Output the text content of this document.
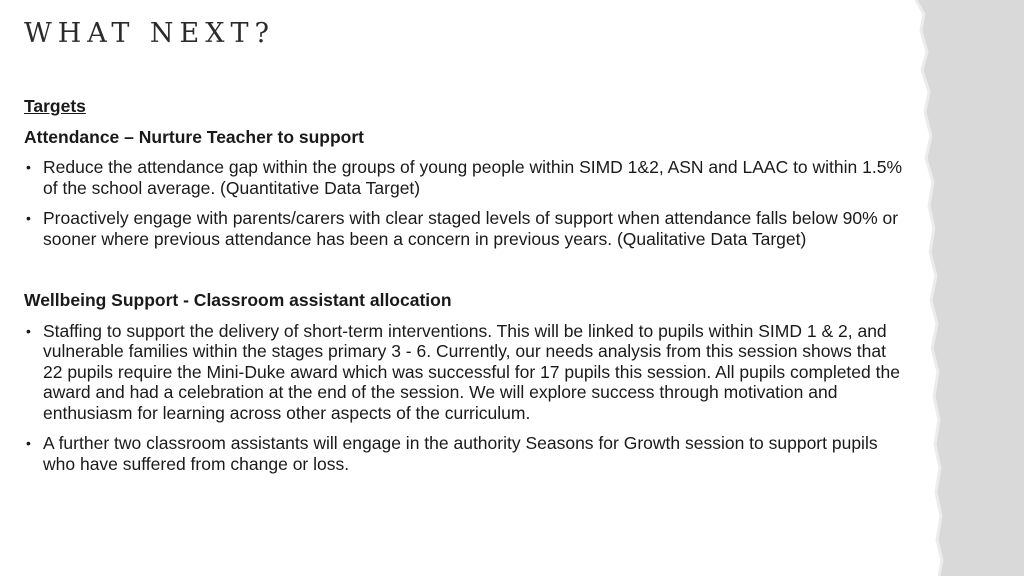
WHAT NEXT?
Targets
Attendance – Nurture Teacher to support
• Reduce the attendance gap within the groups of young people within SIMD 1&2, ASN and LAAC to within 1.5% of the school average. (Quantitative Data Target)
• Proactively engage with parents/carers with clear staged levels of support when attendance falls below 90% or sooner where previous attendance has been a concern in previous years. (Qualitative Data Target)
Wellbeing Support - Classroom assistant allocation
• Staffing to support the delivery of short-term interventions. This will be linked to pupils within SIMD 1 & 2, and vulnerable families within the stages primary 3 - 6. Currently, our needs analysis from this session shows that 22 pupils require the Mini-Duke award which was successful for 17 pupils this session. All pupils completed the award and had a celebration at the end of the session. We will explore success through motivation and enthusiasm for learning across other aspects of the curriculum.
• A further two classroom assistants will engage in the authority Seasons for Growth session to support pupils who have suffered from change or loss.
